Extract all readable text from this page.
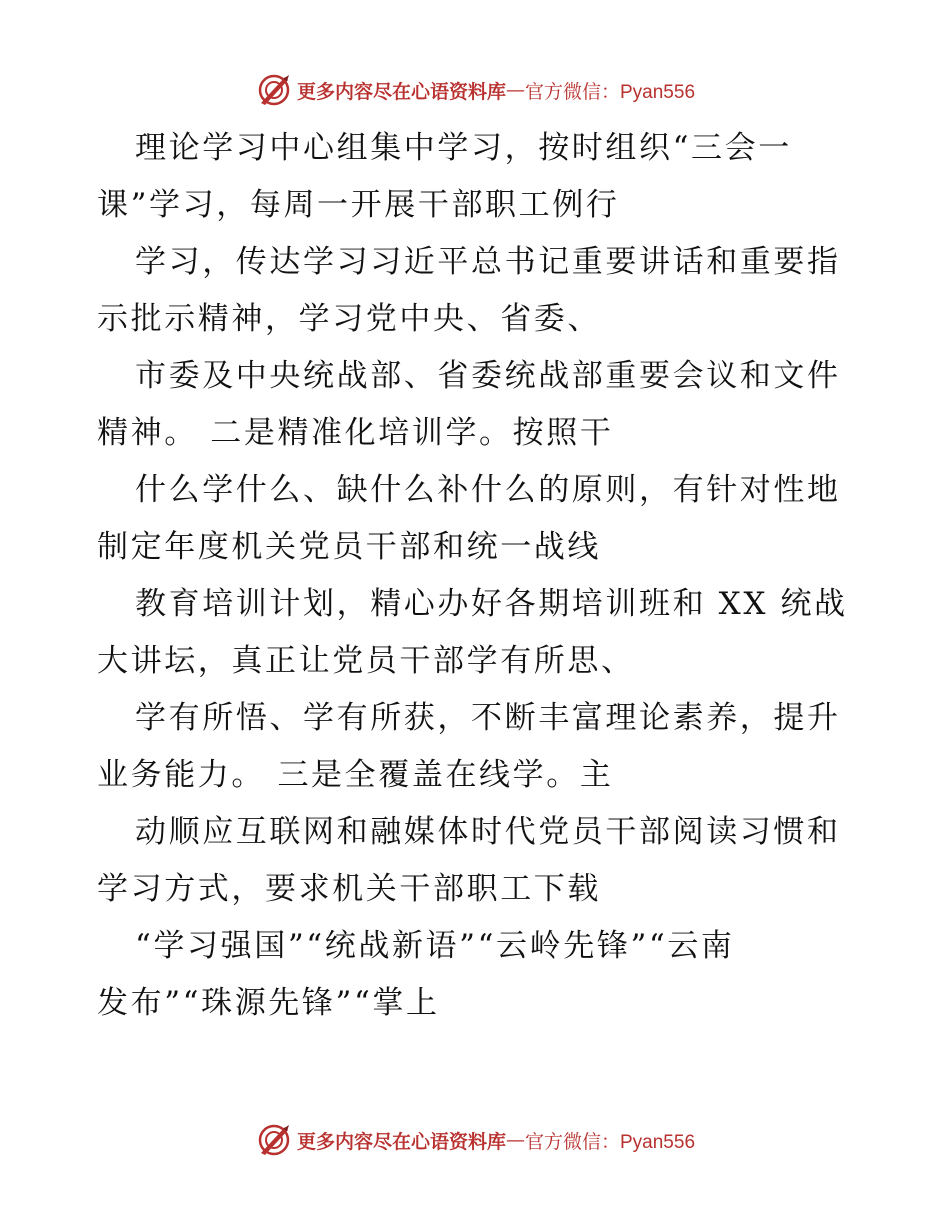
更多内容尽在心语资料库 — 官方微信：Pyan556
理论学习中心组集中学习，按时组织“三会一
课”学习，每周一开展干部职工例行
学习，传达学习习近平总书记重要讲话和重要指
示批示精神，学习党中央、省委、
市委及中央统战部、省委统战部重要会议和文件
精神。 二是精准化培训学。按照干
什么学什么、缺什么补什么的原则，有针对性地
制定年度机关党员干部和统一战线
教育培训计划，精心办好各期培训班和 XX 统战
大讲坛，真正让党员干部学有所思、
学有所悟、学有所获，不断丰富理论素养，提升
业务能力。 三是全覆盖在线学。主
动顺应互联网和融媒体时代党员干部阅读习惯和
学习方式，要求机关干部职工下载
“学习强国”“统战新语”“云岭先锋”“云南
发布”“珠源先锋”“掌上
更多内容尽在心语资料库 — 官方微信：Pyan556
